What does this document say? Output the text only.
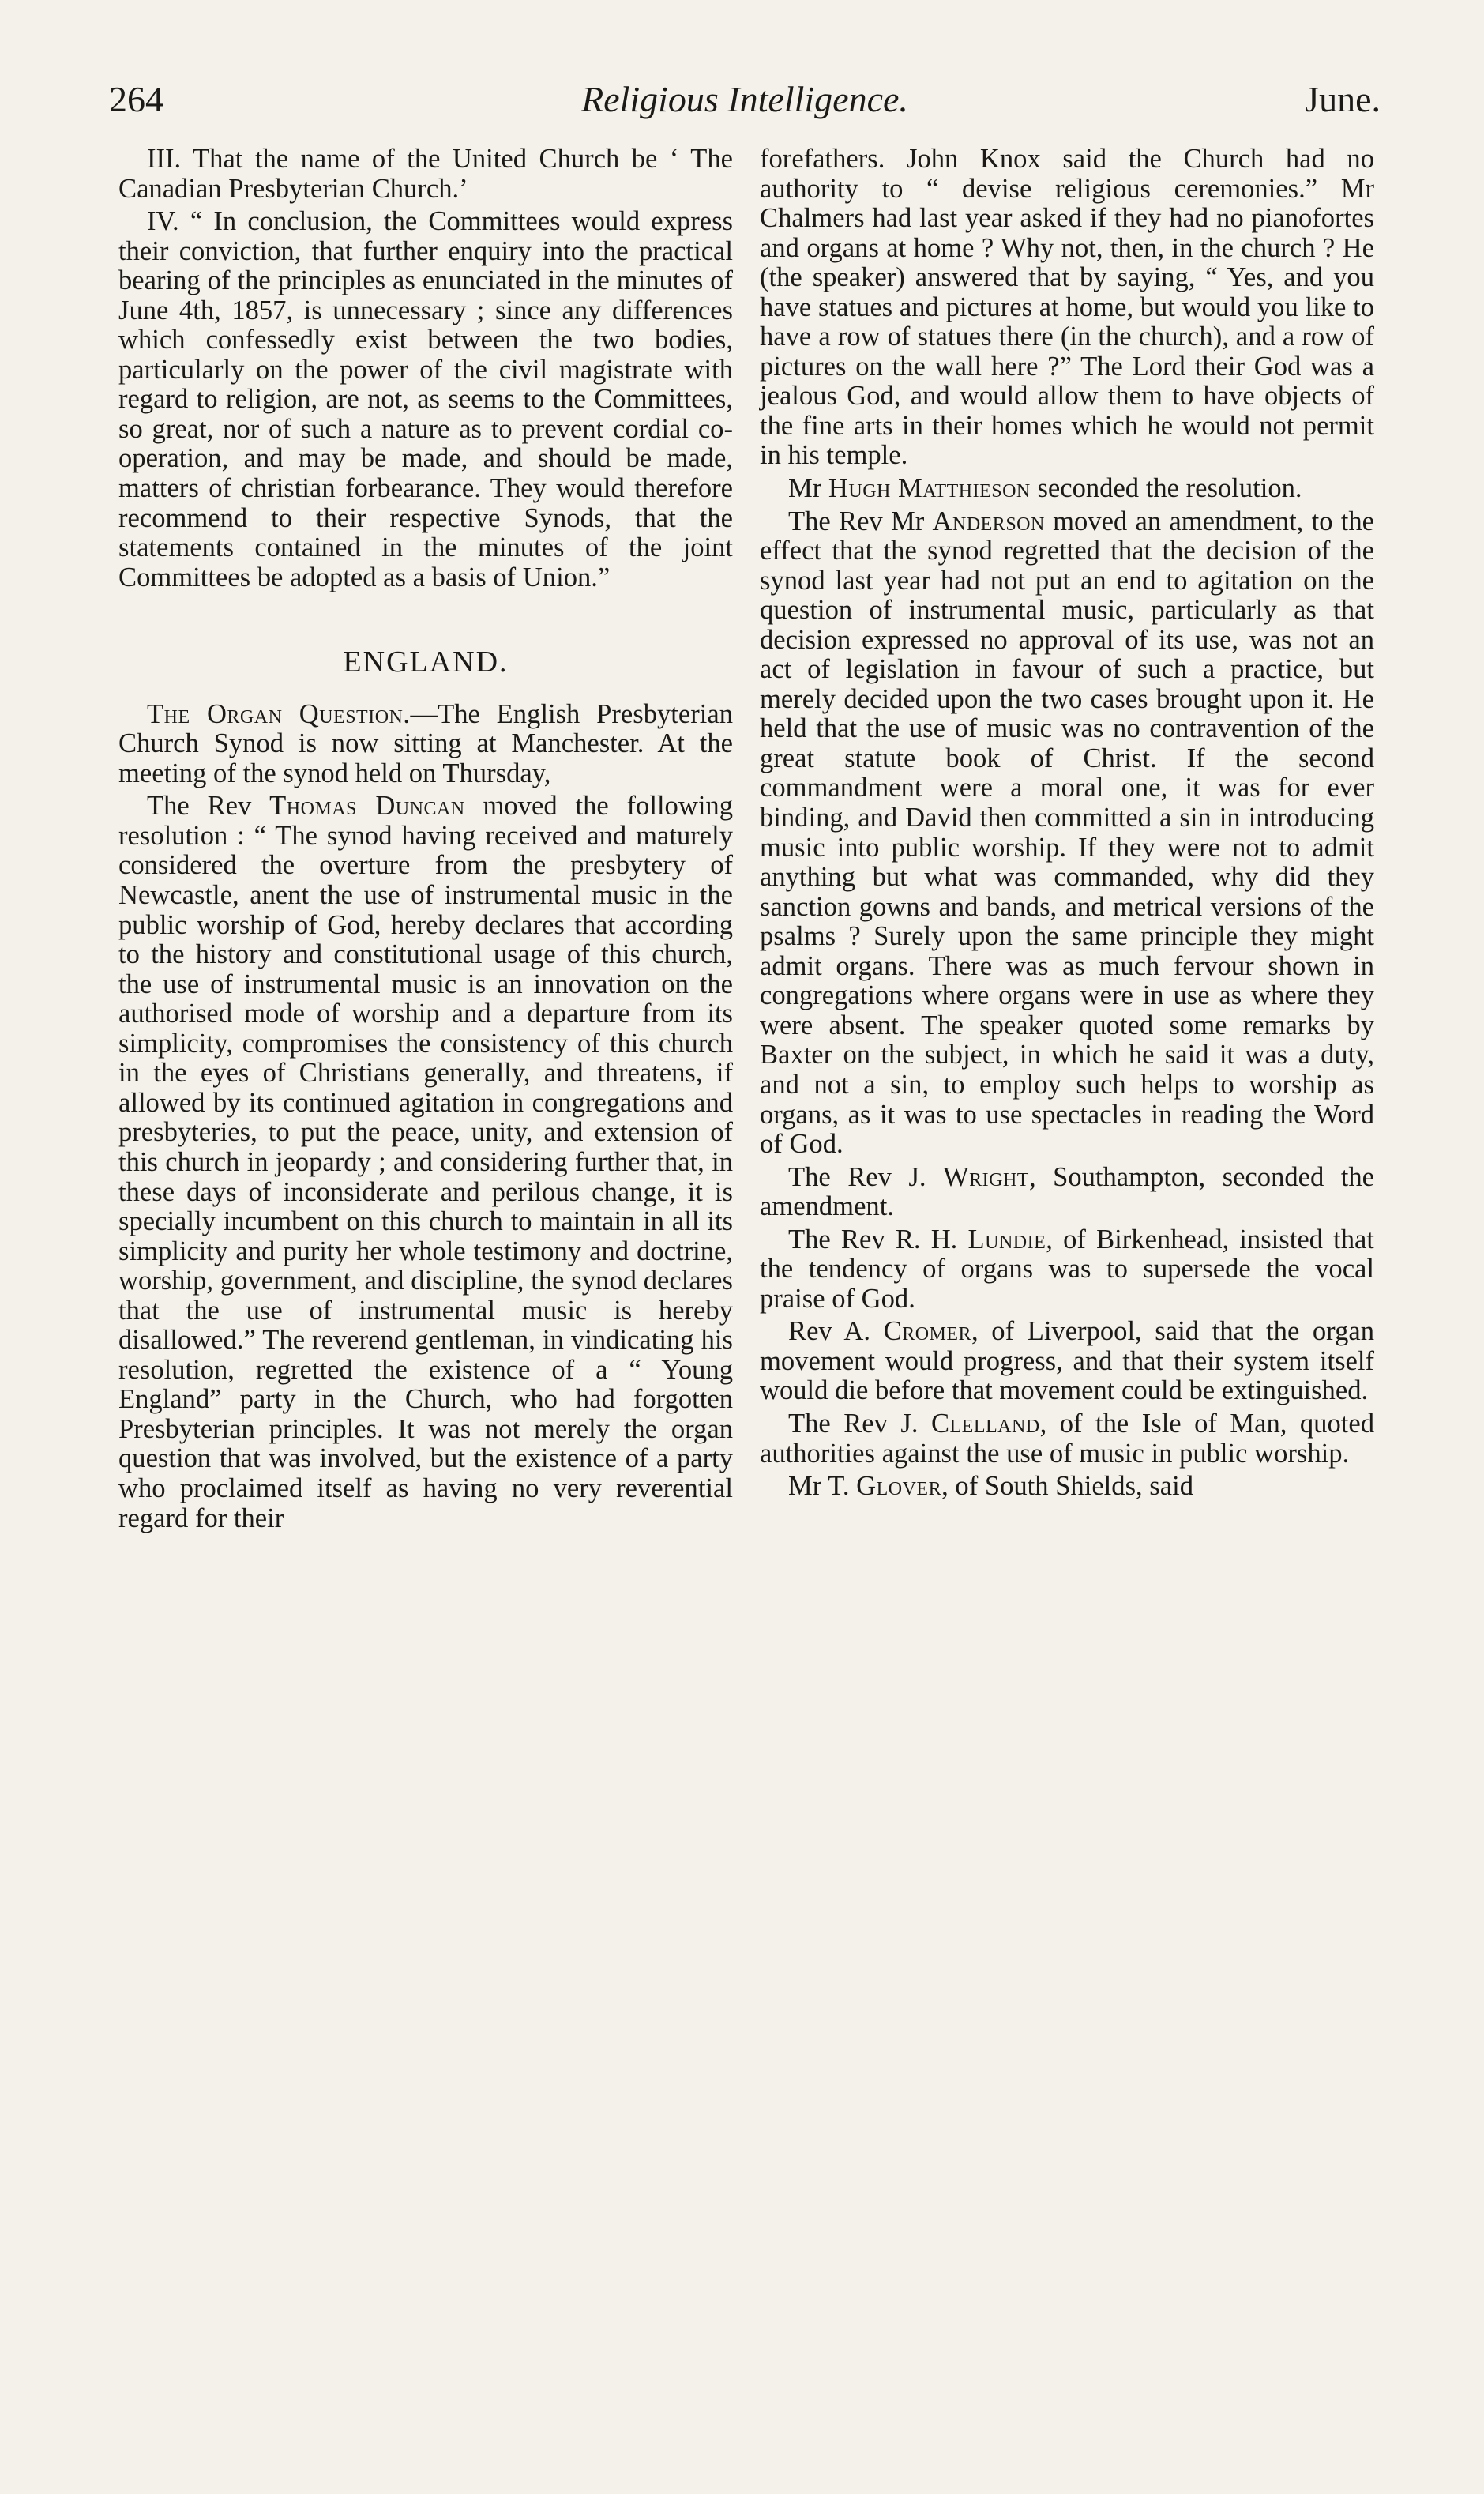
264	Religious Intelligence.	June.

III. That the name of the United Church be ‘ The Canadian Presbyterian Church.’

IV. “ In conclusion, the Committees would express their conviction, that further enquiry into the practical bearing of the principles as enunciated in the minutes of June 4th, 1857, is unnecessary ; since any differences which confessedly exist between the two bodies, particularly on the power of the civil magistrate with regard to religion, are not, as seems to the Committees, so great, nor of such a nature as to prevent cordial co-operation, and may be made, and should be made, matters of christian forbearance. They would therefore recommend to their respective Synods, that the statements contained in the minutes of the joint Committees be adopted as a basis of Union.”

ENGLAND.

The Organ Question.—The English Presbyterian Church Synod is now sitting at Manchester. At the meeting of the synod held on Thursday,

The Rev Thomas Duncan moved the following resolution : “ The synod having received and maturely considered the overture from the presbytery of Newcastle, anent the use of instrumental music in the public worship of God, hereby declares that according to the history and constitutional usage of this church, the use of instrumental music is an innovation on the authorised mode of worship and a departure from its simplicity, compromises the consistency of this church in the eyes of Christians generally, and threatens, if allowed by its continued agitation in congregations and presbyteries, to put the peace, unity, and extension of this church in jeopardy ; and considering further that, in these days of inconsiderate and perilous change, it is specially incumbent on this church to maintain in all its simplicity and purity her whole testimony and doctrine, worship, government, and discipline, the synod declares that the use of instrumental music is hereby disallowed.” The reverend gentleman, in vindicating his resolution, regretted the existence of a “ Young England” party in the Church, who had forgotten Presbyterian principles. It was not merely the organ question that was involved, but the existence of a party who proclaimed itself as having no very reverential regard for their

forefathers. John Knox said the Church had no authority to “ devise religious ceremonies.” Mr Chalmers had last year asked if they had no pianofortes and organs at home ? Why not, then, in the church ? He (the speaker) answered that by saying, “ Yes, and you have statues and pictures at home, but would you like to have a row of statues there (in the church), and a row of pictures on the wall here ?” The Lord their God was a jealous God, and would allow them to have objects of the fine arts in their homes which he would not permit in his temple.

Mr Hugh Matthieson seconded the resolution.

The Rev Mr Anderson moved an amendment, to the effect that the synod regretted that the decision of the synod last year had not put an end to agitation on the question of instrumental music, particularly as that decision expressed no approval of its use, was not an act of legislation in favour of such a practice, but merely decided upon the two cases brought upon it. He held that the use of music was no contravention of the great statute book of Christ. If the second commandment were a moral one, it was for ever binding, and David then committed a sin in introducing music into public worship. If they were not to admit anything but what was commanded, why did they sanction gowns and bands, and metrical versions of the psalms ? Surely upon the same principle they might admit organs. There was as much fervour shown in congregations where organs were in use as where they were absent. The speaker quoted some remarks by Baxter on the subject, in which he said it was a duty, and not a sin, to employ such helps to worship as organs, as it was to use spectacles in reading the Word of God.

The Rev J. Wright, Southampton, seconded the amendment.

The Rev R. H. Lundie, of Birkenhead, insisted that the tendency of organs was to supersede the vocal praise of God.

Rev A. Cromer, of Liverpool, said that the organ movement would progress, and that their system itself would die before that movement could be extinguished.

The Rev J. Clelland, of the Isle of Man, quoted authorities against the use of music in public worship.

Mr T. Glover, of South Shields, said
